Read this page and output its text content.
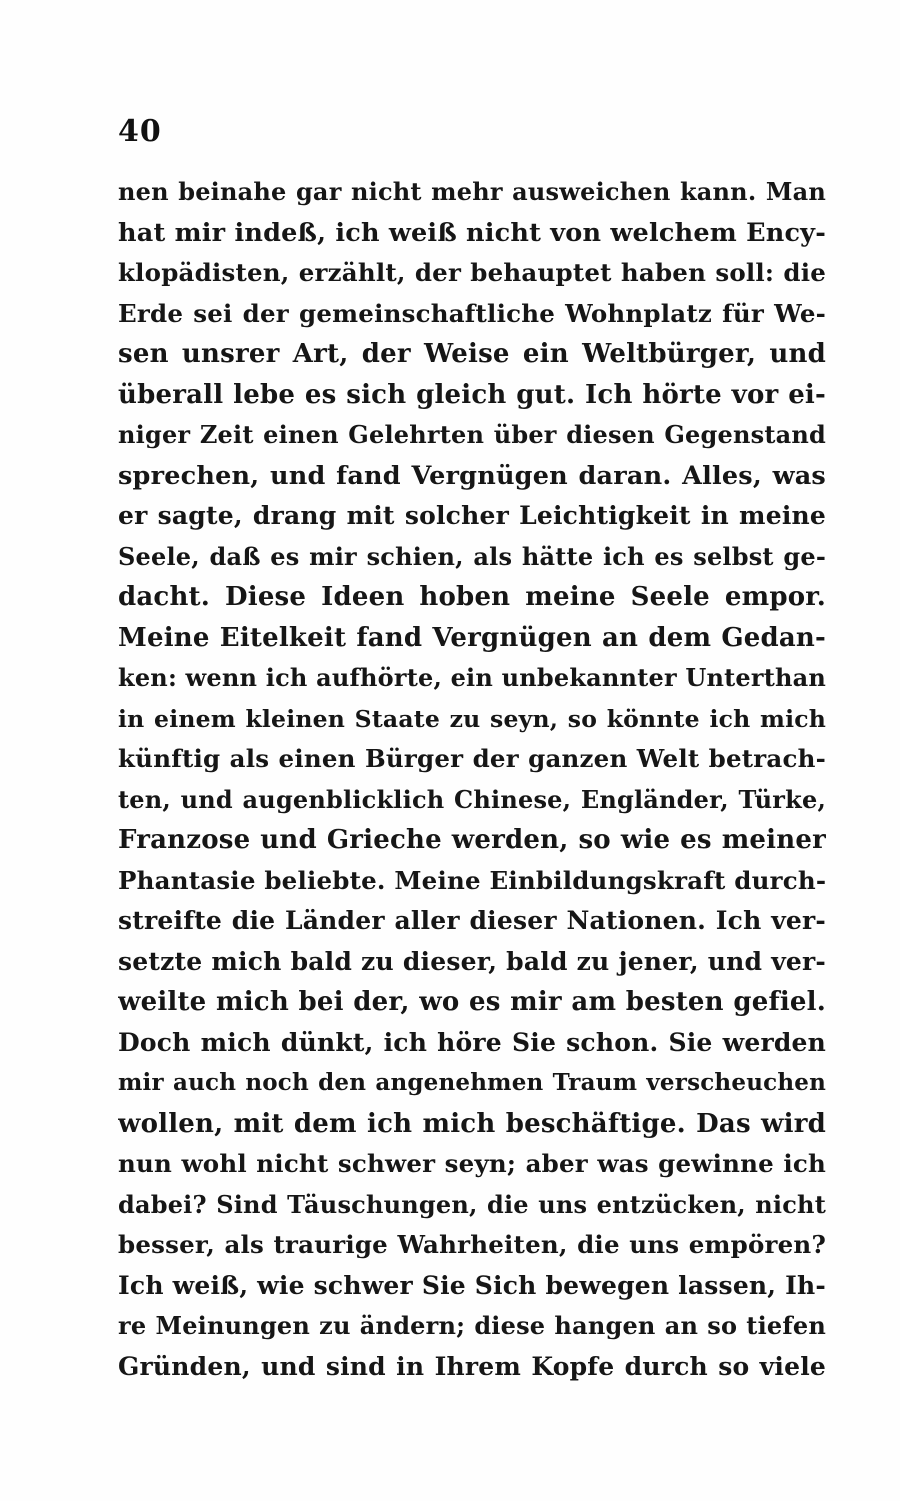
40
nen beinahe gar nicht mehr ausweichen kann. Man
hat mir indeß, ich weiß nicht von welchem Ency-
klopädisten, erzählt, der behauptet haben soll: die
Erde sei der gemeinschaftliche Wohnplatz für We-
sen unsrer Art, der Weise ein Weltbürger, und
überall lebe es sich gleich gut. Ich hörte vor ei-
niger Zeit einen Gelehrten über diesen Gegenstand
sprechen, und fand Vergnügen daran. Alles, was
er sagte, drang mit solcher Leichtigkeit in meine
Seele, daß es mir schien, als hätte ich es selbst ge-
dacht. Diese Ideen hoben meine Seele empor.
Meine Eitelkeit fand Vergnügen an dem Gedan-
ken: wenn ich aufhörte, ein unbekannter Unterthan
in einem kleinen Staate zu seyn, so könnte ich mich
künftig als einen Bürger der ganzen Welt betrach-
ten, und augenblicklich Chinese, Engländer, Türke,
Franzose und Grieche werden, so wie es meiner
Phantasie beliebte. Meine Einbildungskraft durch-
streifte die Länder aller dieser Nationen. Ich ver-
setzte mich bald zu dieser, bald zu jener, und ver-
weilte mich bei der, wo es mir am besten gefiel.
Doch mich dünkt, ich höre Sie schon. Sie werden
mir auch noch den angenehmen Traum verscheuchen
wollen, mit dem ich mich beschäftige. Das wird
nun wohl nicht schwer seyn; aber was gewinne ich
dabei? Sind Täuschungen, die uns entzücken, nicht
besser, als traurige Wahrheiten, die uns empören?
Ich weiß, wie schwer Sie Sich bewegen lassen, Ih-
re Meinungen zu ändern; diese hangen an so tiefen
Gründen, und sind in Ihrem Kopfe durch so viele
